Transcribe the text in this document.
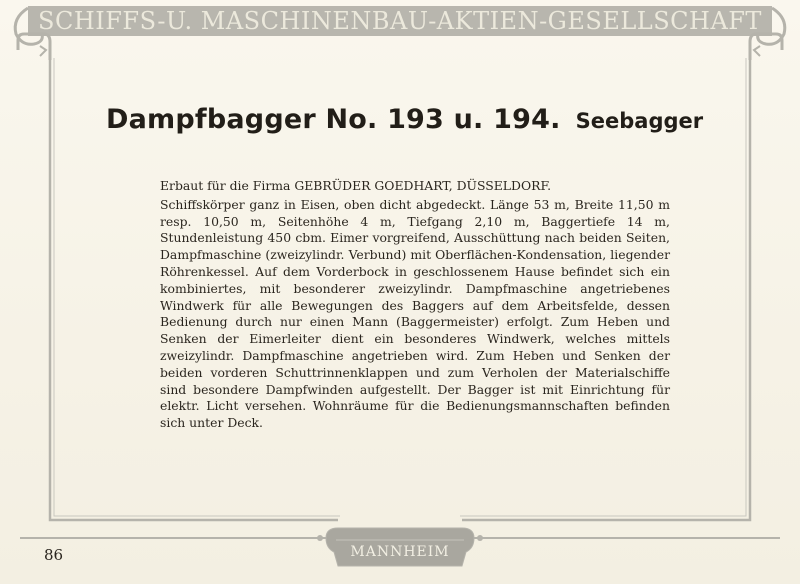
SCHIFFS-U. MASCHINENBAU-AKTIEN-GESELLSCHAFT
Dampfbagger No. 193 u. 194. Seebagger

Erbaut für die Firma GEBRÜDER GOEDHART, DÜSSELDORF.

Schiffskörper ganz in Eisen, oben dicht abgedeckt. Länge 53 m, Breite 11,50 m resp. 10,50 m, Seitenhöhe 4 m, Tiefgang 2,10 m, Baggertiefe 14 m, Stundenleistung 450 cbm. Eimer vorgreifend, Ausschüttung nach beiden Seiten, Dampfmaschine (zweizylindr. Verbund) mit Oberflächen-Kondensation, liegender Röhrenkessel. Auf dem Vorderbock in geschlossenem Hause befindet sich ein kombiniertes, mit besonderer zweizylindr. Dampfmaschine angetriebenes Windwerk für alle Bewegungen des Baggers auf dem Arbeitsfelde, dessen Bedienung durch nur einen Mann (Baggermeister) erfolgt. Zum Heben und Senken der Eimerleiter dient ein besonderes Windwerk, welches mittels zweizylindr. Dampfmaschine angetrieben wird. Zum Heben und Senken der beiden vorderen Schuttrinnenklappen und zum Verholen der Materialschiffe sind besondere Dampfwinden aufgestellt. Der Bagger ist mit Einrichtung für elektr. Licht versehen. Wohnräume für die Bedienungsmannschaften befinden sich unter Deck.

86	MANNHEIM
